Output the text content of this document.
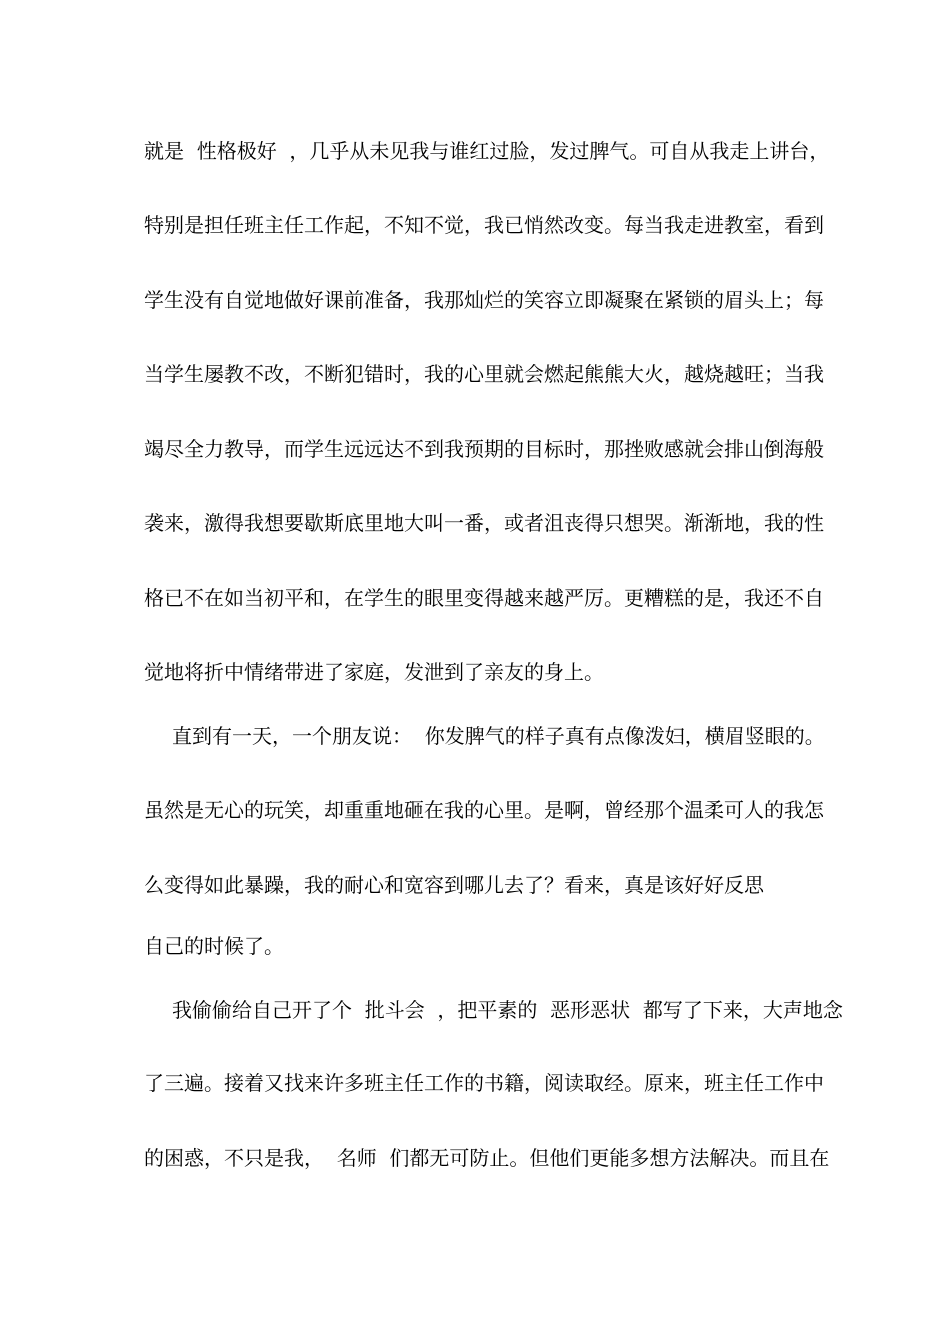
就是  性格极好  ，几乎从未见我与谁红过脸，发过脾气。可自从我走上讲台，

特别是担任班主任工作起，不知不觉，我已悄然改变。每当我走进教室，看到

学生没有自觉地做好课前准备，我那灿烂的笑容立即凝聚在紧锁的眉头上；每

当学生屡教不改，不断犯错时，我的心里就会燃起熊熊大火，越烧越旺；当我

竭尽全力教导，而学生远远达不到我预期的目标时，那挫败感就会排山倒海般

袭来，激得我想要歇斯底里地大叫一番，或者沮丧得只想哭。渐渐地，我的性

格已不在如当初平和，在学生的眼里变得越来越严厉。更糟糕的是，我还不自

觉地将折中情绪带进了家庭，发泄到了亲友的身上。

直到有一天，一个朋友说：  你发脾气的样子真有点像泼妇，横眉竖眼的。

虽然是无心的玩笑，却重重地砸在我的心里。是啊，曾经那个温柔可人的我怎

么变得如此暴躁，我的耐心和宽容到哪儿去了？看来，真是该好好反思

自己的时候了。

我偷偷给自己开了个  批斗会  ，把平素的  恶形恶状  都写了下来，大声地念

了三遍。接着又找来许多班主任工作的书籍，阅读取经。原来，班主任工作中

的困惑，不只是我，  名师  们都无可防止。但他们更能多想方法解决。而且在
